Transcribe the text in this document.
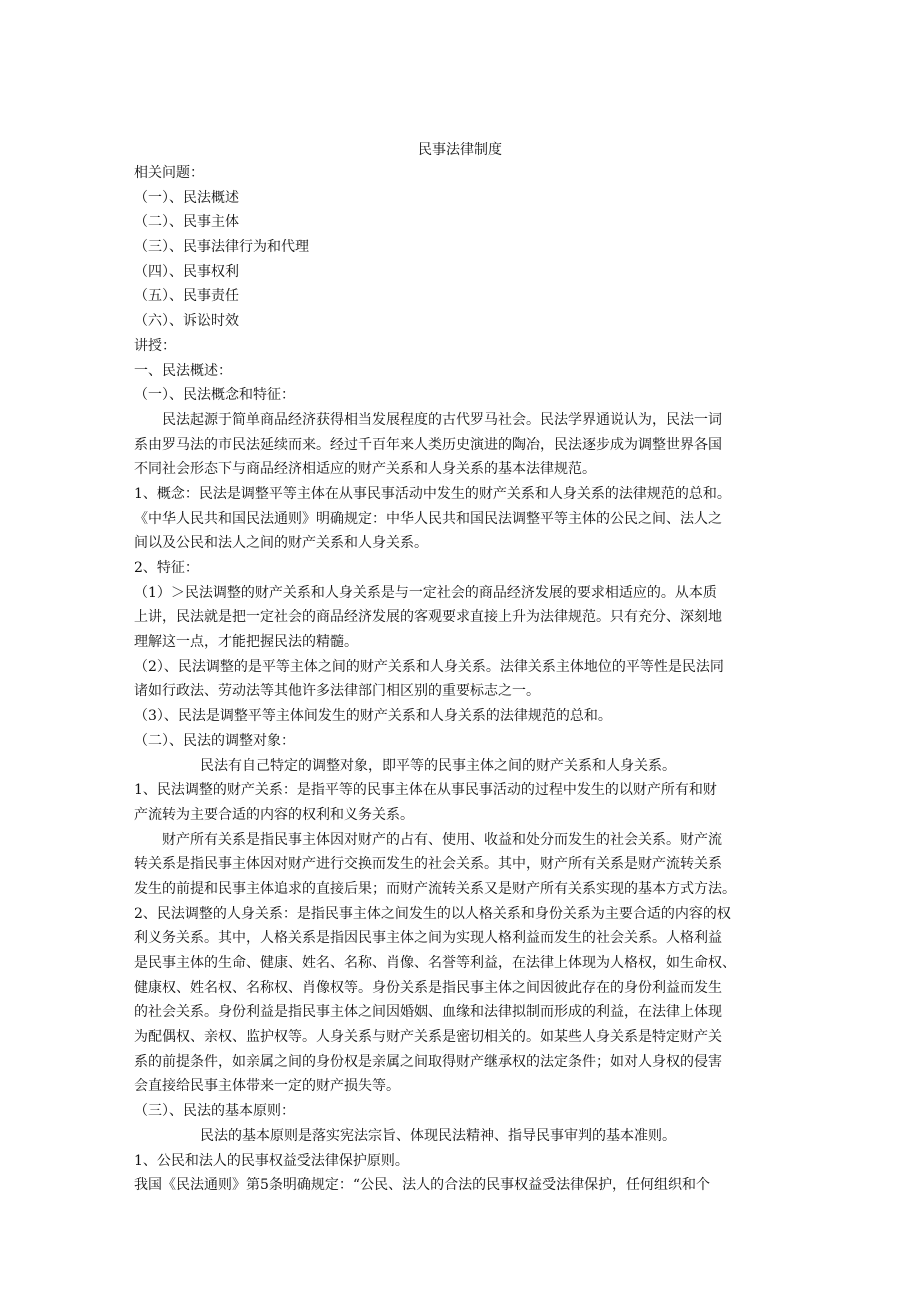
民事法律制度
相关问题：
（一）、民法概述
（二）、民事主体
（三）、民事法律行为和代理
（四）、民事权利
（五）、民事责任
（六）、诉讼时效
讲授：
一、民法概述：
（一）、民法概念和特征：
民法起源于简单商品经济获得相当发展程度的古代罗马社会。民法学界通说认为，民法一词
系由罗马法的市民法延续而来。经过千百年来人类历史演进的陶冶，民法逐步成为调整世界各国
不同社会形态下与商品经济相适应的财产关系和人身关系的基本法律规范。
1、概念：民法是调整平等主体在从事民事活动中发生的财产关系和人身关系的法律规范的总和。
《中华人民共和国民法通则》明确规定：中华人民共和国民法调整平等主体的公民之间、法人之
间以及公民和法人之间的财产关系和人身关系。
2、特征：
（1）＞民法调整的财产关系和人身关系是与一定社会的商品经济发展的要求相适应的。从本质
上讲，民法就是把一定社会的商品经济发展的客观要求直接上升为法律规范。只有充分、深刻地
理解这一点，才能把握民法的精髓。
（2）、民法调整的是平等主体之间的财产关系和人身关系。法律关系主体地位的平等性是民法同
诸如行政法、劳动法等其他许多法律部门相区别的重要标志之一。
（3）、民法是调整平等主体间发生的财产关系和人身关系的法律规范的总和。
（二）、民法的调整对象：
民法有自己特定的调整对象，即平等的民事主体之间的财产关系和人身关系。
1、民法调整的财产关系：是指平等的民事主体在从事民事活动的过程中发生的以财产所有和财
产流转为主要合适的内容的权利和义务关系。
财产所有关系是指民事主体因对财产的占有、使用、收益和处分而发生的社会关系。财产流
转关系是指民事主体因对财产进行交换而发生的社会关系。其中，财产所有关系是财产流转关系
发生的前提和民事主体追求的直接后果；而财产流转关系又是财产所有关系实现的基本方式方法。
2、民法调整的人身关系：是指民事主体之间发生的以人格关系和身份关系为主要合适的内容的权
利义务关系。其中，人格关系是指因民事主体之间为实现人格利益而发生的社会关系。人格利益
是民事主体的生命、健康、姓名、名称、肖像、名誉等利益，在法律上体现为人格权，如生命权、
健康权、姓名权、名称权、肖像权等。身份关系是指民事主体之间因彼此存在的身份利益而发生
的社会关系。身份利益是指民事主体之间因婚姻、血缘和法律拟制而形成的利益，在法律上体现
为配偶权、亲权、监护权等。人身关系与财产关系是密切相关的。如某些人身关系是特定财产关
系的前提条件，如亲属之间的身份权是亲属之间取得财产继承权的法定条件；如对人身权的侵害
会直接给民事主体带来一定的财产损失等。
（三）、民法的基本原则：
民法的基本原则是落实宪法宗旨、体现民法精神、指导民事审判的基本准则。
1、公民和法人的民事权益受法律保护原则。
我国《民法通则》第5条明确规定：“公民、法人的合法的民事权益受法律保护，任何组织和个
